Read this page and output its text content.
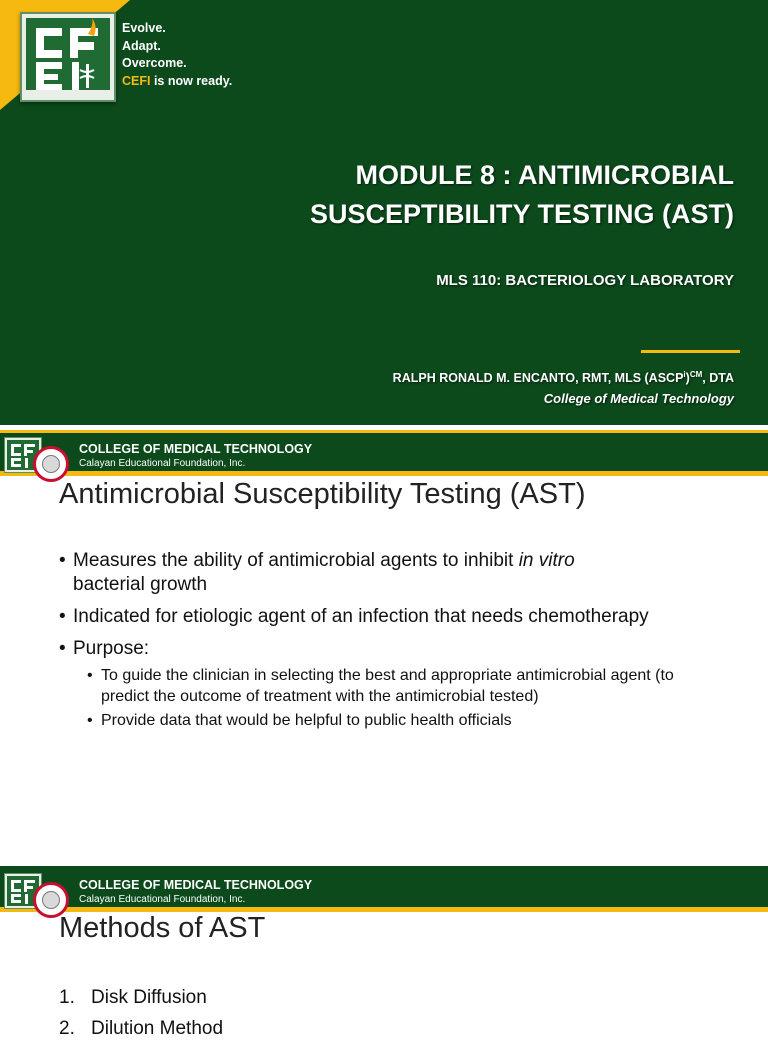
Evolve.
Adapt.
Overcome.
CEFI is now ready.
MODULE 8 : ANTIMICROBIAL
SUSCEPTIBILITY TESTING (AST)
MLS 110: BACTERIOLOGY LABORATORY
RALPH RONALD M. ENCANTO, RMT, MLS (ASCP$^i$)$^{CM}$, DTA
College of Medical Technology
COLLEGE OF MEDICAL TECHNOLOGY
Calayan Educational Foundation, Inc.
Antimicrobial Susceptibility Testing (AST)
• Measures the ability of antimicrobial agents to inhibit in vitro
bacterial growth
• Indicated for etiologic agent of an infection that needs chemotherapy
• Purpose:
• To guide the clinician in selecting the best and appropriate antimicrobial agent (to predict the outcome of treatment with the antimicrobial tested)
• Provide data that would be helpful to public health officials
COLLEGE OF MEDICAL TECHNOLOGY
Calayan Educational Foundation, Inc.
Methods of AST
1. Disk Diffusion
2. Dilution Method
